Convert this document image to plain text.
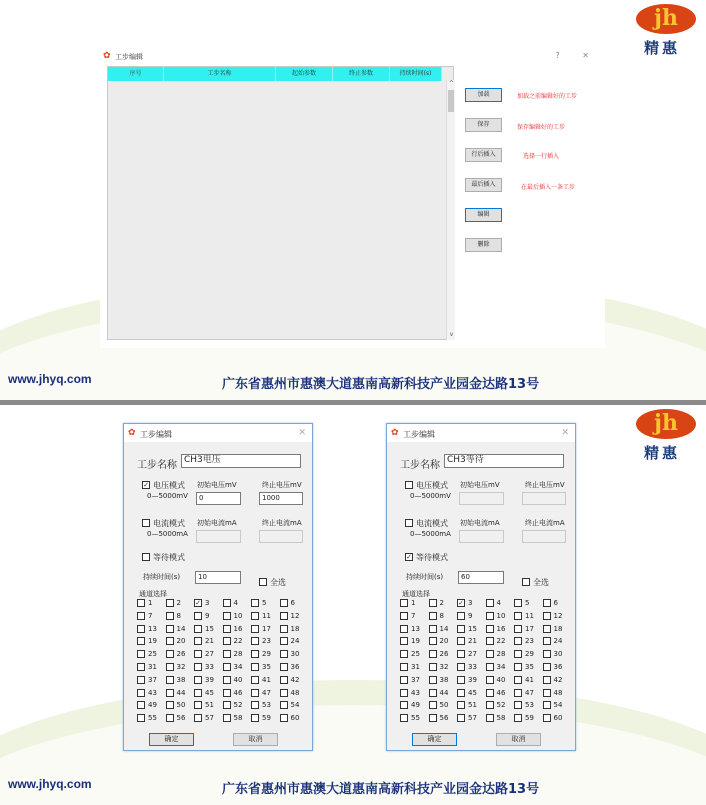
jh
精惠
✿ 工步编辑	? ✕
序号	工步名称	起始参数	终止参数	持续时间(s)
^
v
加载
保存
行后插入
最后插入
编辑
删除
加载之前编辑好的工步
保存编辑好的工步
选择一行插入
在最后插入一条工步
www.jhyq.com	广东省惠州市惠澳大道惠南高新科技产业园金达路13号
jh
精惠
www.jhyq.com	广东省惠州市惠澳大道惠南高新科技产业园金达路13号
✿ 工步编辑	✕
工步名称 CH3电压
✓ 电压模式
0—5000mV
初始电压mV	终止电压mV
0	1000
电流模式
0—5000mA
初始电流mA	终止电流mA
等待模式
持续时间(s)	10
全选
通道选择
1	2 ✓ 3	4	5	6
7	8	9	10	11	12
13	14	15	16	17	18
19	20	21	22	23	24
25	26	27	28	29	30
31	32	33	34	35	36
37	38	39	40	41	42
43	44	45	46	47	48
49	50	51	52	53	54
55	56	57	58	59	60
确定	取消
✿ 工步编辑	✕
工步名称 CH3等待
电压模式
0—5000mV
初始电压mV	终止电压mV
电流模式
0—5000mA
初始电流mA	终止电流mA
✓ 等待模式
持续时间(s)	60
全选
通道选择
1	2 ✓ 3	4	5	6
7	8	9	10	11	12
13	14	15	16	17	18
19	20	21	22	23	24
25	26	27	28	29	30
31	32	33	34	35	36
37	38	39	40	41	42
43	44	45	46	47	48
49	50	51	52	53	54
55	56	57	58	59	60
确定	取消
